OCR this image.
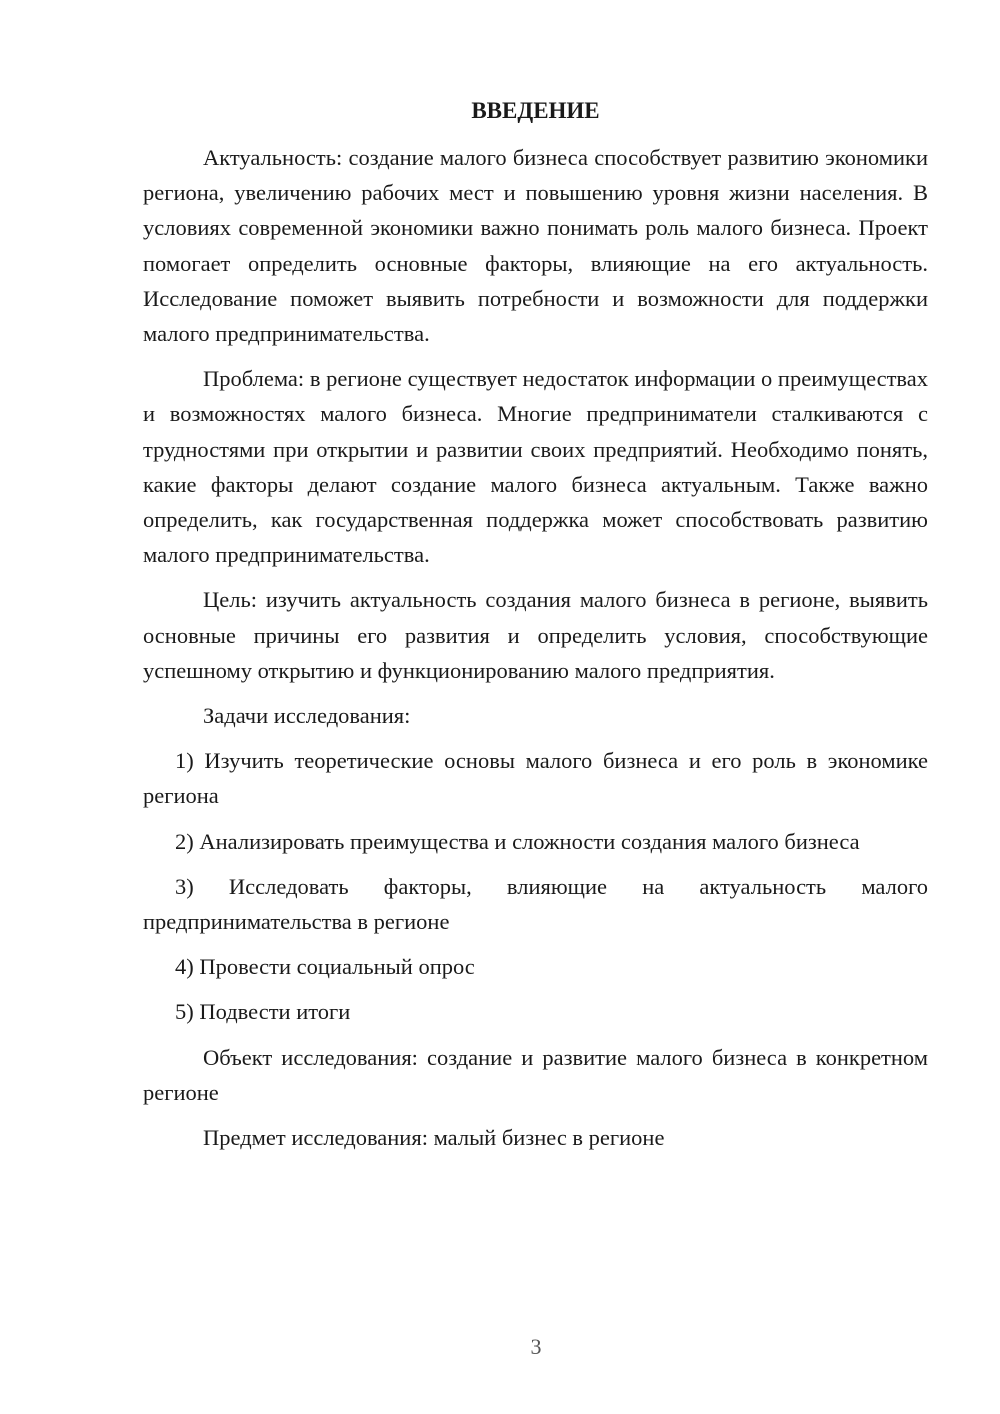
ВВЕДЕНИЕ

Актуальность: создание малого бизнеса способствует развитию экономики региона, увеличению рабочих мест и повышению уровня жизни населения. В условиях современной экономики важно понимать роль малого бизнеса. Проект помогает определить основные факторы, влияющие на его актуальность. Исследование поможет выявить потребности и возможности для поддержки малого предпринимательства.

Проблема: в регионе существует недостаток информации о преимуществах и возможностях малого бизнеса. Многие предприниматели сталкиваются с трудностями при открытии и развитии своих предприятий. Необходимо понять, какие факторы делают создание малого бизнеса актуальным. Также важно определить, как государственная поддержка может способствовать развитию малого предпринимательства.

Цель: изучить актуальность создания малого бизнеса в регионе, выявить основные причины его развития и определить условия, способствующие успешному открытию и функционированию малого предприятия.

Задачи исследования:

1) Изучить теоретические основы малого бизнеса и его роль в экономике региона

2) Анализировать преимущества и сложности создания малого бизнеса

3) Исследовать факторы, влияющие на актуальность малого предпринимательства в регионе

4) Провести социальный опрос

5) Подвести итоги

Объект исследования: создание и развитие малого бизнеса в конкретном регионе

Предмет исследования: малый бизнес в регионе

3
